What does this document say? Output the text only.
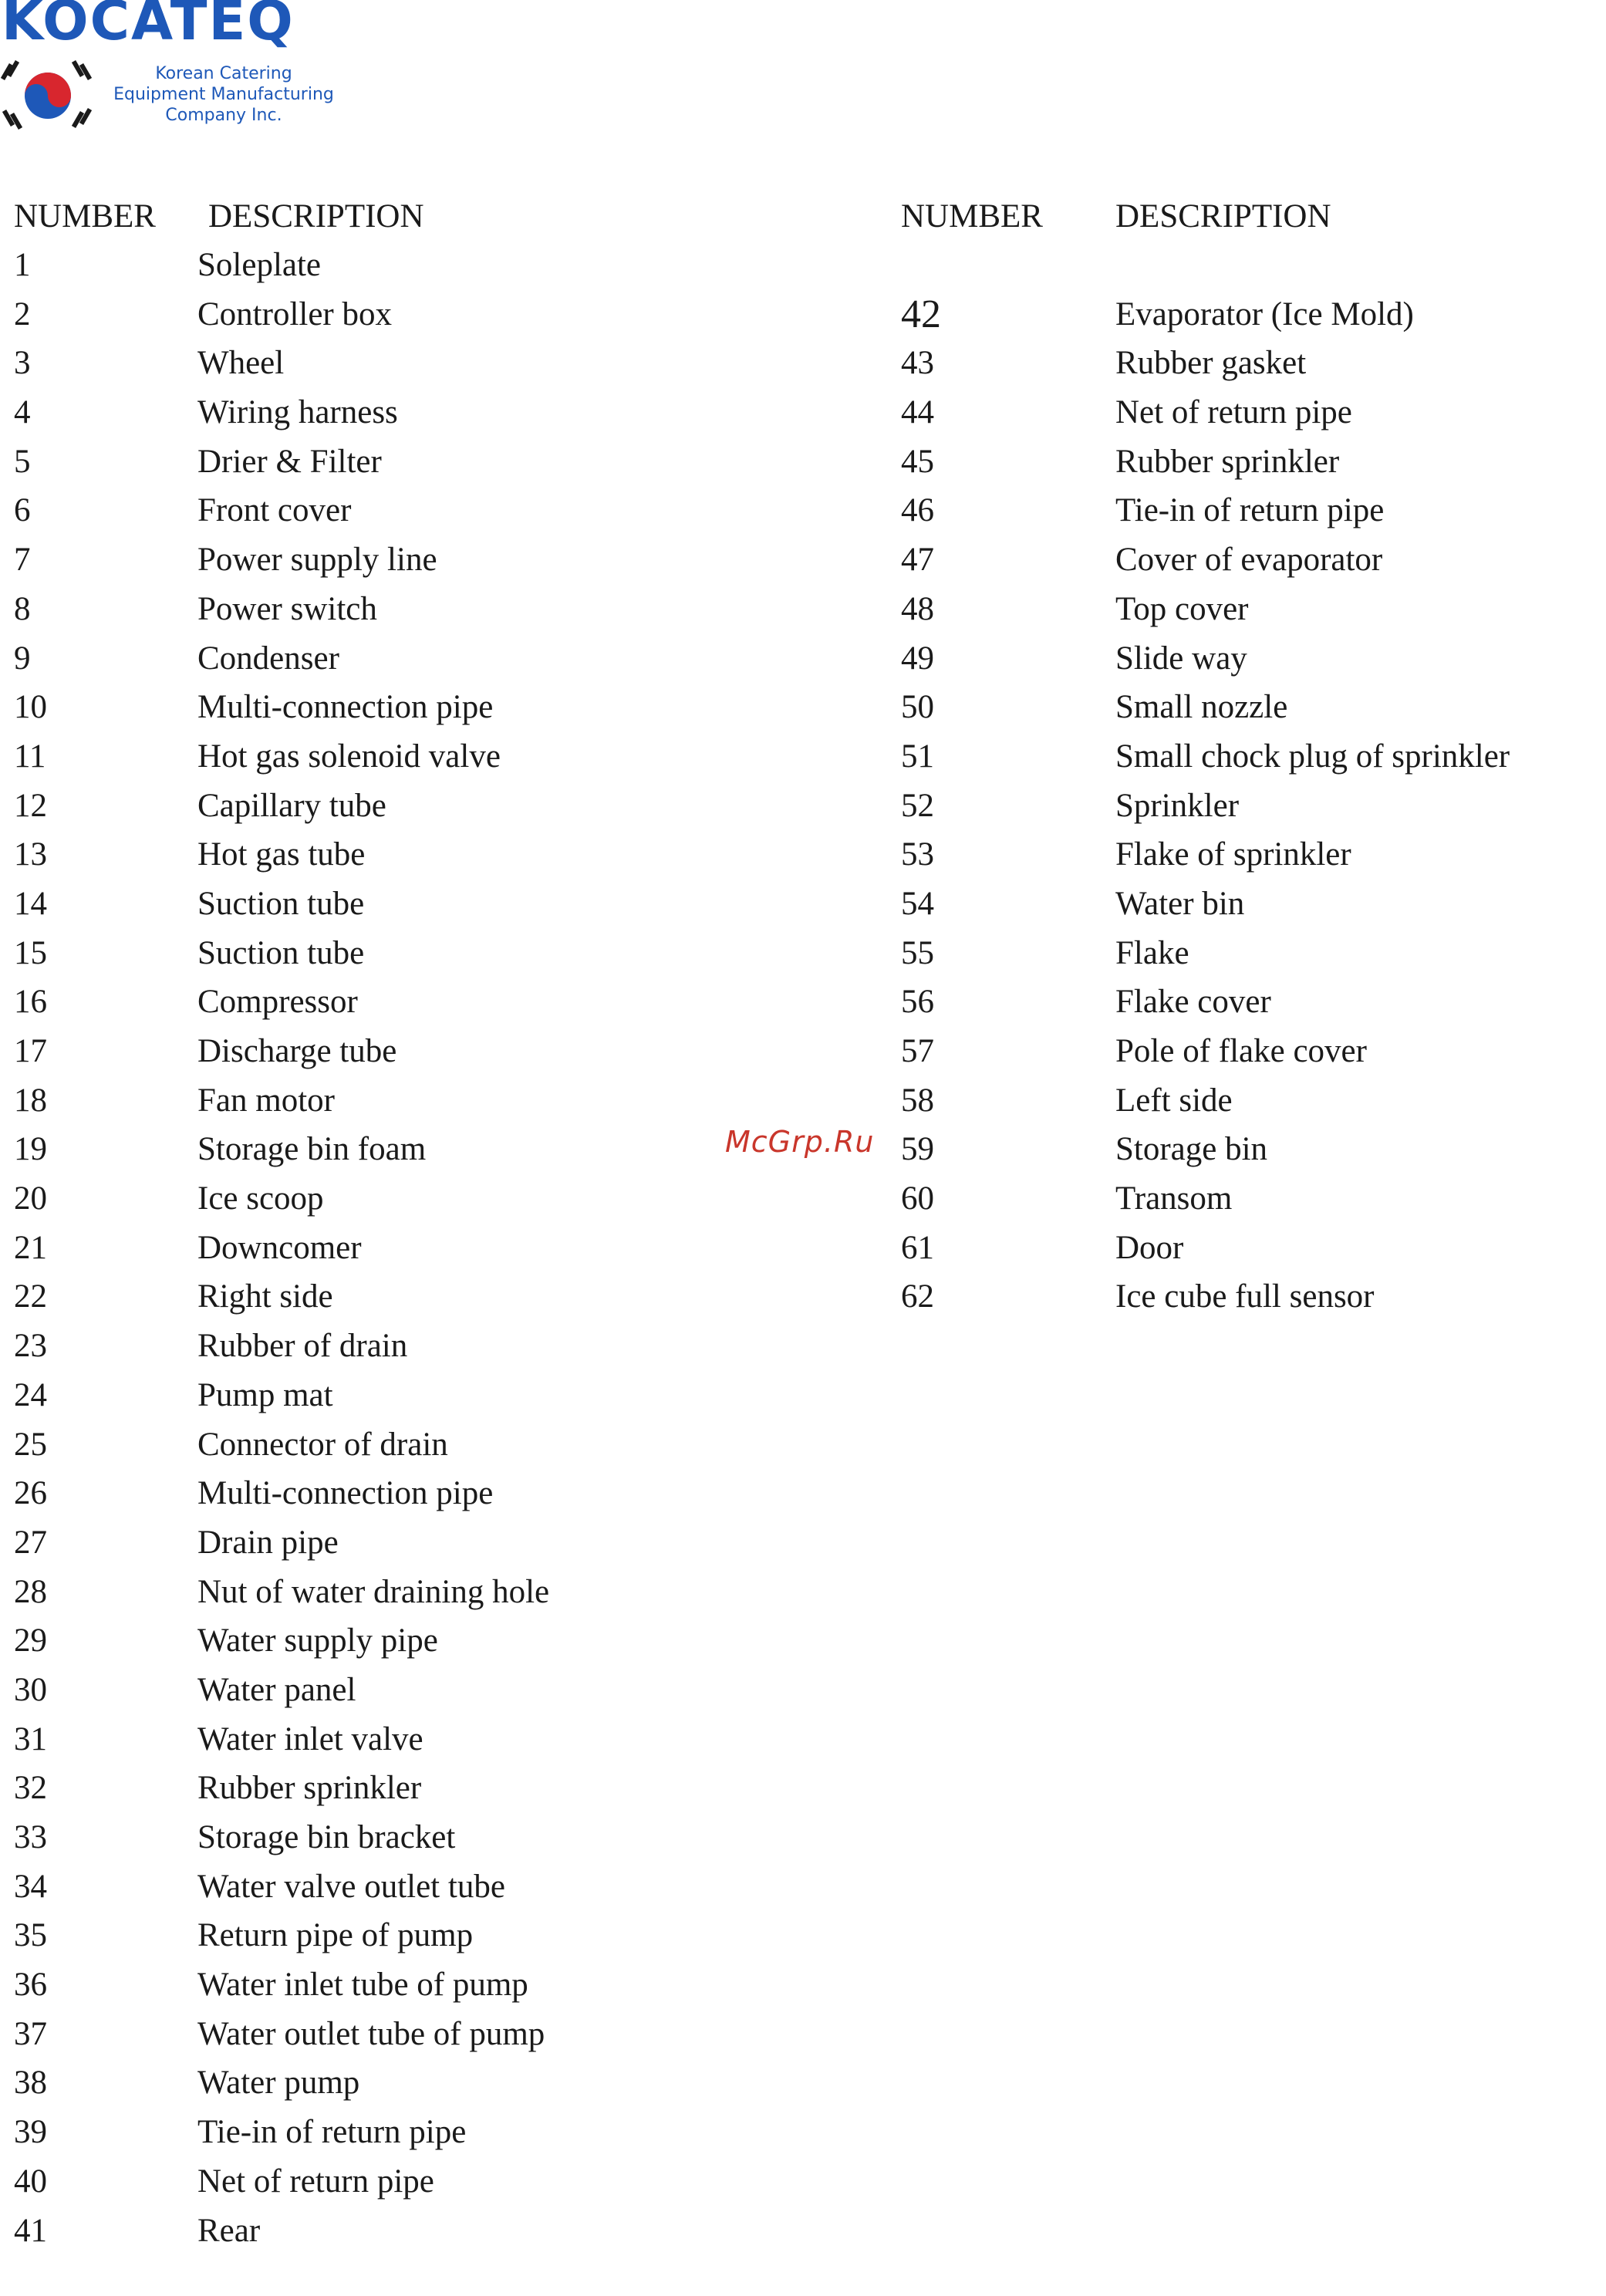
KOCATEQ
Korean Catering
Equipment Manufacturing
Company Inc.
NUMBER DESCRIPTION	NUMBER DESCRIPTION
1	Soleplate
2	Controller box
3	Wheel
4	Wiring harness
5	Drier & Filter
6	Front cover
7	Power supply line
8	Power switch
9	Condenser
10	Multi-connection pipe
11	Hot gas solenoid valve
12	Capillary tube
13	Hot gas tube
14	Suction tube
15	Suction tube
16	Compressor
17	Discharge tube
18	Fan motor
19	Storage bin foam
20	Ice scoop
21	Downcomer
22	Right side
23	Rubber of drain
24	Pump mat
25	Connector of drain
26	Multi-connection pipe
27	Drain pipe
28	Nut of water draining hole
29	Water supply pipe
30	Water panel
31	Water inlet valve
32	Rubber sprinkler
33	Storage bin bracket
34	Water valve outlet tube
35	Return pipe of pump
36	Water inlet tube of pump
37	Water outlet tube of pump
38	Water pump
39	Tie-in of return pipe
40	Net of return pipe
41	Rear
42	Evaporator (Ice Mold)
43	Rubber gasket
44	Net of return pipe
45	Rubber sprinkler
46	Tie-in of return pipe
47	Cover of evaporator
48	Top cover
49	Slide way
50	Small nozzle
51	Small chock plug of sprinkler
52	Sprinkler
53	Flake of sprinkler
54	Water bin
55	Flake
56	Flake cover
57	Pole of flake cover
58	Left side
59	Storage bin
60	Transom
61	Door
62	Ice cube full sensor
McGrp.Ru
